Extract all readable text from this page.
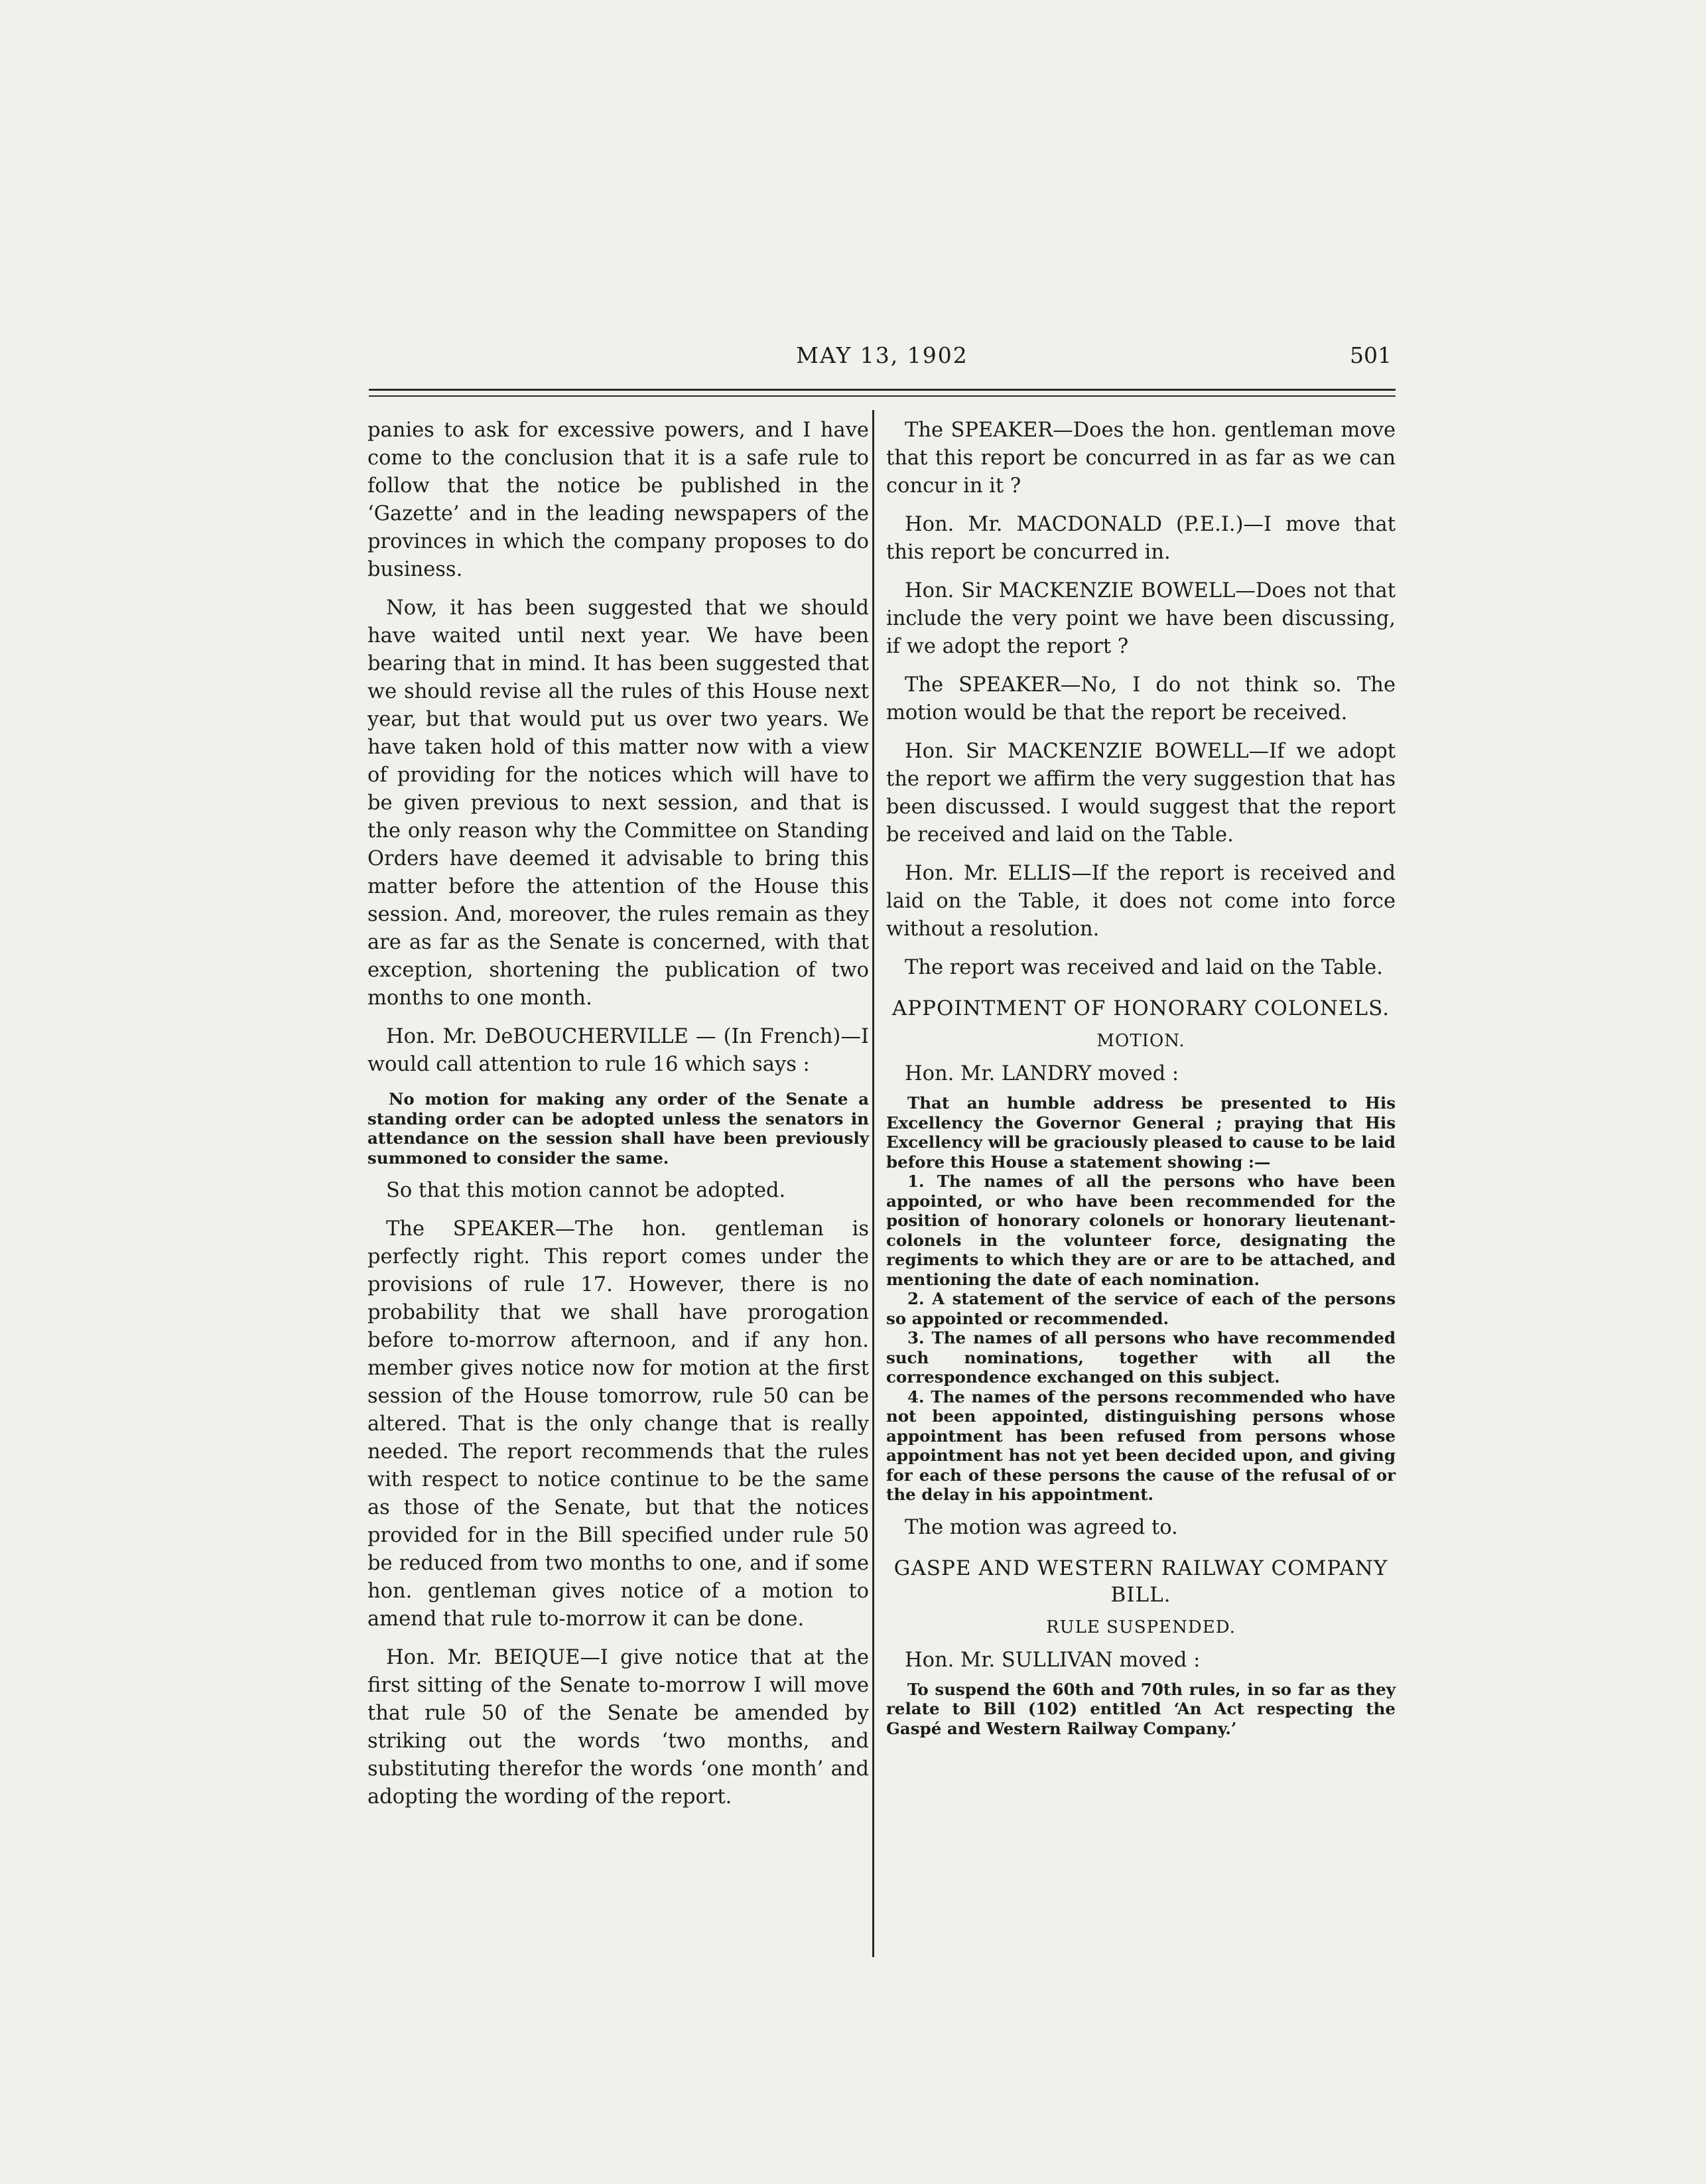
MAY 13, 1902	501

panies to ask for excessive powers, and I have come to the conclusion that it is a safe rule to follow that the notice be published in the ‘Gazette’ and in the leading newspapers of the provinces in which the company proposes to do business.

Now, it has been suggested that we should have waited until next year. We have been bearing that in mind. It has been suggested that we should revise all the rules of this House next year, but that would put us over two years. We have taken hold of this matter now with a view of providing for the notices which will have to be given previous to next session, and that is the only reason why the Committee on Standing Orders have deemed it advisable to bring this matter before the attention of the House this session. And, moreover, the rules remain as they are as far as the Senate is concerned, with that exception, shortening the publication of two months to one month.

Hon. Mr. DeBOUCHERVILLE — (In French)—I would call attention to rule 16 which says :

No motion for making any order of the Senate a standing order can be adopted unless the senators in attendance on the session shall have been previously summoned to consider the same.

So that this motion cannot be adopted.

The SPEAKER—The hon. gentleman is perfectly right. This report comes under the provisions of rule 17. However, there is no probability that we shall have prorogation before to-morrow afternoon, and if any hon. member gives notice now for motion at the first session of the House tomorrow, rule 50 can be altered. That is the only change that is really needed. The report recommends that the rules with respect to notice continue to be the same as those of the Senate, but that the notices provided for in the Bill specified under rule 50 be reduced from two months to one, and if some hon. gentleman gives notice of a motion to amend that rule to-morrow it can be done.

Hon. Mr. BEIQUE—I give notice that at the first sitting of the Senate to-morrow I will move that rule 50 of the Senate be amended by striking out the words ‘two months, and substituting therefor the words ‘one month’ and adopting the wording of the report.

The SPEAKER—Does the hon. gentleman move that this report be concurred in as far as we can concur in it ?

Hon. Mr. MACDONALD (P.E.I.)—I move that this report be concurred in.

Hon. Sir MACKENZIE BOWELL—Does not that include the very point we have been discussing, if we adopt the report ?

The SPEAKER—No, I do not think so. The motion would be that the report be received.

Hon. Sir MACKENZIE BOWELL—If we adopt the report we affirm the very suggestion that has been discussed. I would suggest that the report be received and laid on the Table.

Hon. Mr. ELLIS—If the report is received and laid on the Table, it does not come into force without a resolution.

The report was received and laid on the Table.

APPOINTMENT OF HONORARY COLONELS.
MOTION.

Hon. Mr. LANDRY moved :

That an humble address be presented to His Excellency the Governor General ; praying that His Excellency will be graciously pleased to cause to be laid before this House a statement showing :—

1. The names of all the persons who have been appointed, or who have been recommended for the position of honorary colonels or honorary lieutenant-colonels in the volunteer force, designating the regiments to which they are or are to be attached, and mentioning the date of each nomination.

2. A statement of the service of each of the persons so appointed or recommended.

3. The names of all persons who have recommended such nominations, together with all the correspondence exchanged on this subject.

4. The names of the persons recommended who have not been appointed, distinguishing persons whose appointment has been refused from persons whose appointment has not yet been decided upon, and giving for each of these persons the cause of the refusal of or the delay in his appointment.

The motion was agreed to.

GASPE AND WESTERN RAILWAY COMPANY BILL.
RULE SUSPENDED.

Hon. Mr. SULLIVAN moved :

To suspend the 60th and 70th rules, in so far as they relate to Bill (102) entitled ‘An Act respecting the Gaspé and Western Railway Company.’
